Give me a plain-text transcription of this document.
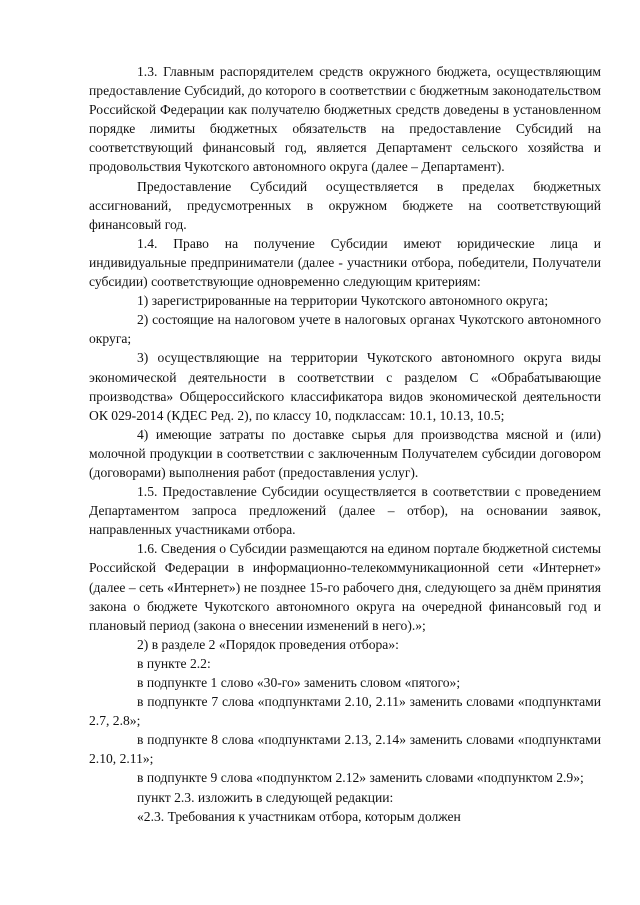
1.3. Главным распорядителем средств окружного бюджета, осуществляющим предоставление Субсидий, до которого в соответствии с бюджетным законодательством Российской Федерации как получателю бюджетных средств доведены в установленном порядке лимиты бюджетных обязательств на предоставление Субсидий на соответствующий финансовый год, является Департамент сельского хозяйства и продовольствия Чукотского автономного округа (далее – Департамент).

Предоставление Субсидий осуществляется в пределах бюджетных ассигнований, предусмотренных в окружном бюджете на соответствующий финансовый год.

1.4. Право на получение Субсидии имеют юридические лица и индивидуальные предприниматели (далее - участники отбора, победители, Получатели субсидии) соответствующие одновременно следующим критериям:

1) зарегистрированные на территории Чукотского автономного округа;

2) состоящие на налоговом учете в налоговых органах Чукотского автономного округа;

3) осуществляющие на территории Чукотского автономного округа виды экономической деятельности в соответствии с разделом С «Обрабатывающие производства» Общероссийского классификатора видов экономической деятельности ОК 029-2014 (КДЕС Ред. 2), по классу 10, подклассам: 10.1, 10.13, 10.5;

4) имеющие затраты по доставке сырья для производства мясной и (или) молочной продукции в соответствии с заключенным Получателем субсидии договором (договорами) выполнения работ (предоставления услуг).

1.5. Предоставление Субсидии осуществляется в соответствии с проведением Департаментом запроса предложений (далее – отбор), на основании заявок, направленных участниками отбора.

1.6. Сведения о Субсидии размещаются на едином портале бюджетной системы Российской Федерации в информационно-телекоммуникационной сети «Интернет» (далее – сеть «Интернет») не позднее 15-го рабочего дня, следующего за днём принятия закона о бюджете Чукотского автономного округа на очередной финансовый год и плановый период (закона о внесении изменений в него).»;

2) в разделе 2 «Порядок проведения отбора»:

в пункте 2.2:

в подпункте 1 слово «30-го» заменить словом «пятого»;

в подпункте 7 слова «подпунктами 2.10, 2.11» заменить словами «подпунктами 2.7, 2.8»;

в подпункте 8 слова «подпунктами 2.13, 2.14» заменить словами «подпунктами 2.10, 2.11»;

в подпункте 9 слова «подпунктом 2.12» заменить словами «подпунктом 2.9»;

пункт 2.3. изложить в следующей редакции:

«2.3. Требования к участникам отбора, которым должен
